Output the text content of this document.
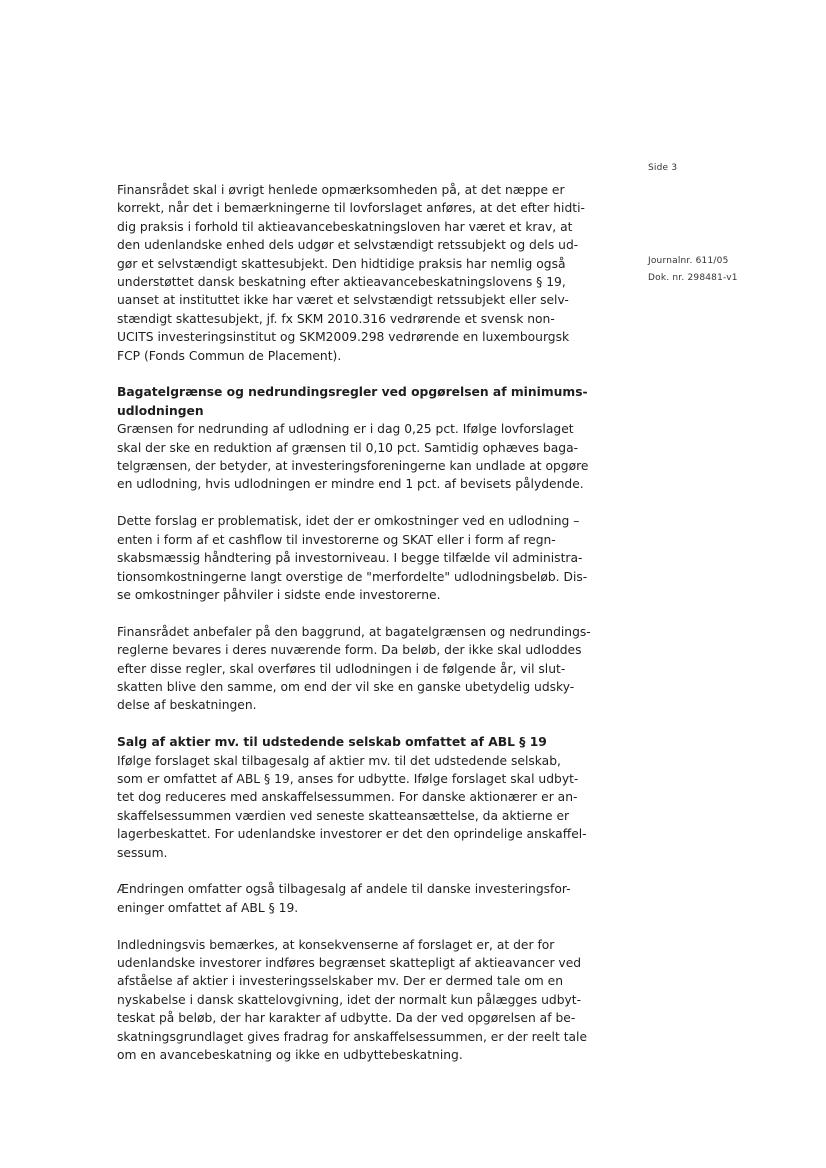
Side 3
Journalnr. 611/05
Dok. nr. 298481-v1
Finansrådet skal i øvrigt henlede opmærksomheden på, at det næppe er
korrekt, når det i bemærkningerne til lovforslaget anføres, at det efter hidti-
dig praksis i forhold til aktieavancebeskatningsloven har været et krav, at
den udenlandske enhed dels udgør et selvstændigt retssubjekt og dels ud-
gør et selvstændigt skattesubjekt. Den hidtidige praksis har nemlig også
understøttet dansk beskatning efter aktieavancebeskatningslovens § 19,
uanset at instituttet ikke har været et selvstændigt retssubjekt eller selv-
stændigt skattesubjekt, jf. fx SKM 2010.316 vedrørende et svensk non-
UCITS investeringsinstitut og SKM2009.298 vedrørende en luxembourgsk
FCP (Fonds Commun de Placement).
Bagatelgrænse og nedrundingsregler ved opgørelsen af minimums-
udlodningen
Grænsen for nedrunding af udlodning er i dag 0,25 pct. Ifølge lovforslaget
skal der ske en reduktion af grænsen til 0,10 pct. Samtidig ophæves baga-
telgrænsen, der betyder, at investeringsforeningerne kan undlade at opgøre
en udlodning, hvis udlodningen er mindre end 1 pct. af bevisets pålydende.
Dette forslag er problematisk, idet der er omkostninger ved en udlodning –
enten i form af et cashflow til investorerne og SKAT eller i form af regn-
skabsmæssig håndtering på investorniveau. I begge tilfælde vil administra-
tionsomkostningerne langt overstige de "merfordelte" udlodningsbeløb. Dis-
se omkostninger påhviler i sidste ende investorerne.
Finansrådet anbefaler på den baggrund, at bagatelgrænsen og nedrundings-
reglerne bevares i deres nuværende form. Da beløb, der ikke skal udloddes
efter disse regler, skal overføres til udlodningen i de følgende år, vil slut-
skatten blive den samme, om end der vil ske en ganske ubetydelig udsky-
delse af beskatningen.
Salg af aktier mv. til udstedende selskab omfattet af ABL § 19
Ifølge forslaget skal tilbagesalg af aktier mv. til det udstedende selskab,
som er omfattet af ABL § 19, anses for udbytte. Ifølge forslaget skal udbyt-
tet dog reduceres med anskaffelsessummen. For danske aktionærer er an-
skaffelsessummen værdien ved seneste skatteansættelse, da aktierne er
lagerbeskattet. For udenlandske investorer er det den oprindelige anskaffel-
sessum.
Ændringen omfatter også tilbagesalg af andele til danske investeringsfor-
eninger omfattet af ABL § 19.
Indledningsvis bemærkes, at konsekvenserne af forslaget er, at der for
udenlandske investorer indføres begrænset skattepligt af aktieavancer ved
afståelse af aktier i investeringsselskaber mv. Der er dermed tale om en
nyskabelse i dansk skattelovgivning, idet der normalt kun pålægges udbyt-
teskat på beløb, der har karakter af udbytte. Da der ved opgørelsen af be-
skatningsgrundlaget gives fradrag for anskaffelsessummen, er der reelt tale
om en avancebeskatning og ikke en udbyttebeskatning.
